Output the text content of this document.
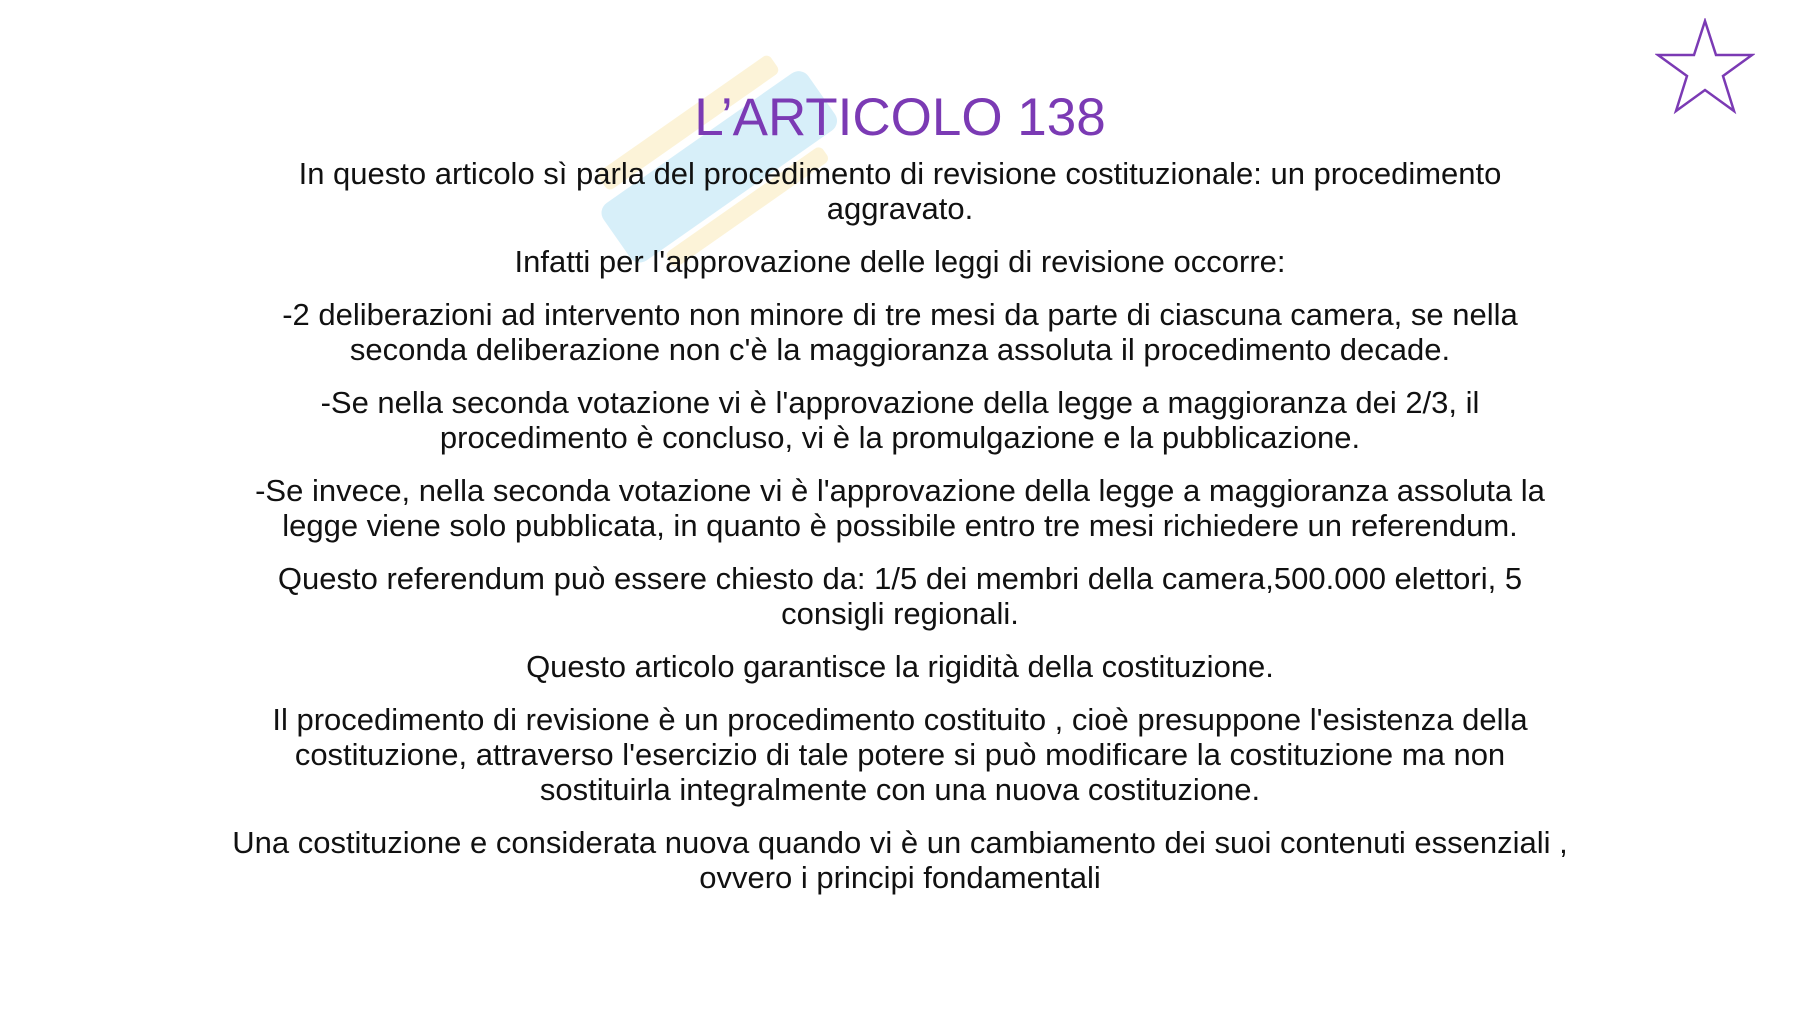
L’ARTICOLO 138

In questo articolo sì parla del procedimento di revisione costituzionale: un procedimento aggravato.

Infatti per l'approvazione delle leggi di revisione occorre:

-2 deliberazioni ad intervento non minore di tre mesi da parte di ciascuna camera, se nella seconda deliberazione non c'è la maggioranza assoluta il procedimento decade.

-Se nella seconda votazione vi è l'approvazione della legge a maggioranza dei 2/3, il procedimento è concluso, vi è la promulgazione e la pubblicazione.

-Se invece, nella seconda votazione vi è l'approvazione della legge a maggioranza assoluta la legge viene solo pubblicata, in quanto è possibile entro tre mesi richiedere un referendum.

Questo referendum può essere chiesto da: 1/5 dei membri della camera,500.000 elettori, 5 consigli regionali.

Questo articolo garantisce la rigidità della costituzione.

Il procedimento di revisione è un procedimento costituito , cioè presuppone l'esistenza della costituzione, attraverso l'esercizio di tale potere si può modificare la costituzione ma non sostituirla integralmente con una nuova costituzione.

Una costituzione e considerata nuova quando vi è un cambiamento dei suoi contenuti essenziali , ovvero i principi fondamentali
